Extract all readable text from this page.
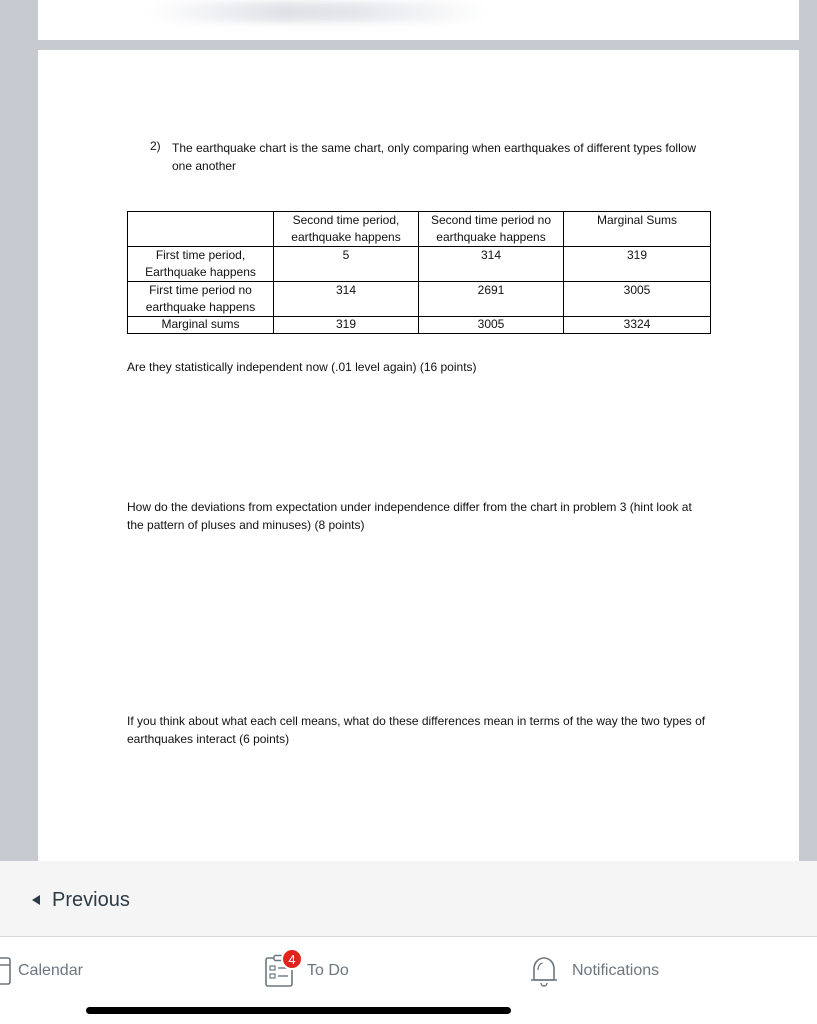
2) The earthquake chart is the same chart, only comparing when earthquakes of different types follow one another
	Second time period, earthquake happens	Second time period no earthquake happens	Marginal Sums
First time period, Earthquake happens	5	314	319
First time period no earthquake happens	314	2691	3005
Marginal sums	319	3005	3324
Are they statistically independent now (.01 level again) (16 points)
How do the deviations from expectation under independence differ from the chart in problem 3 (hint look at the pattern of pluses and minuses) (8 points)
If you think about what each cell means, what do these differences mean in terms of the way the two types of earthquakes interact (6 points)
Previous
Calendar
4
To Do	Notifications
